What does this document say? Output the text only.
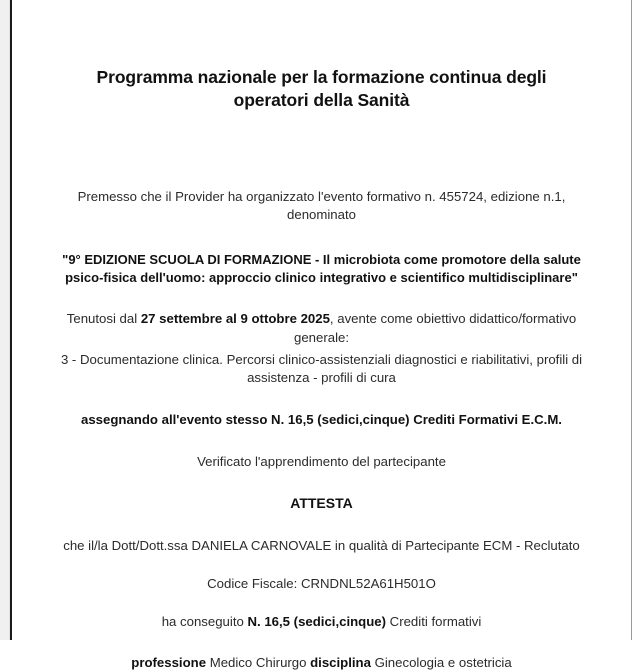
Programma nazionale per la formazione continua degli
operatori della Sanità
Premesso che il Provider ha organizzato l'evento formativo n. 455724, edizione n.1,
denominato
"9° EDIZIONE SCUOLA DI FORMAZIONE - Il microbiota come promotore della salute
psico-fisica dell'uomo: approccio clinico integrativo e scientifico multidisciplinare"
Tenutosi dal 27 settembre al 9 ottobre 2025, avente come obiettivo didattico/formativo
generale:
3 - Documentazione clinica. Percorsi clinico-assistenziali diagnostici e riabilitativi, profili di
assistenza - profili di cura
assegnando all'evento stesso N. 16,5 (sedici,cinque) Crediti Formativi E.C.M.
Verificato l'apprendimento del partecipante
ATTESTA
che il/la Dott/Dott.ssa DANIELA CARNOVALE in qualità di Partecipante ECM - Reclutato
Codice Fiscale: CRNDNL52A61H501O
ha conseguito N. 16,5 (sedici,cinque) Crediti formativi
professione Medico Chirurgo disciplina Ginecologia e ostetricia
